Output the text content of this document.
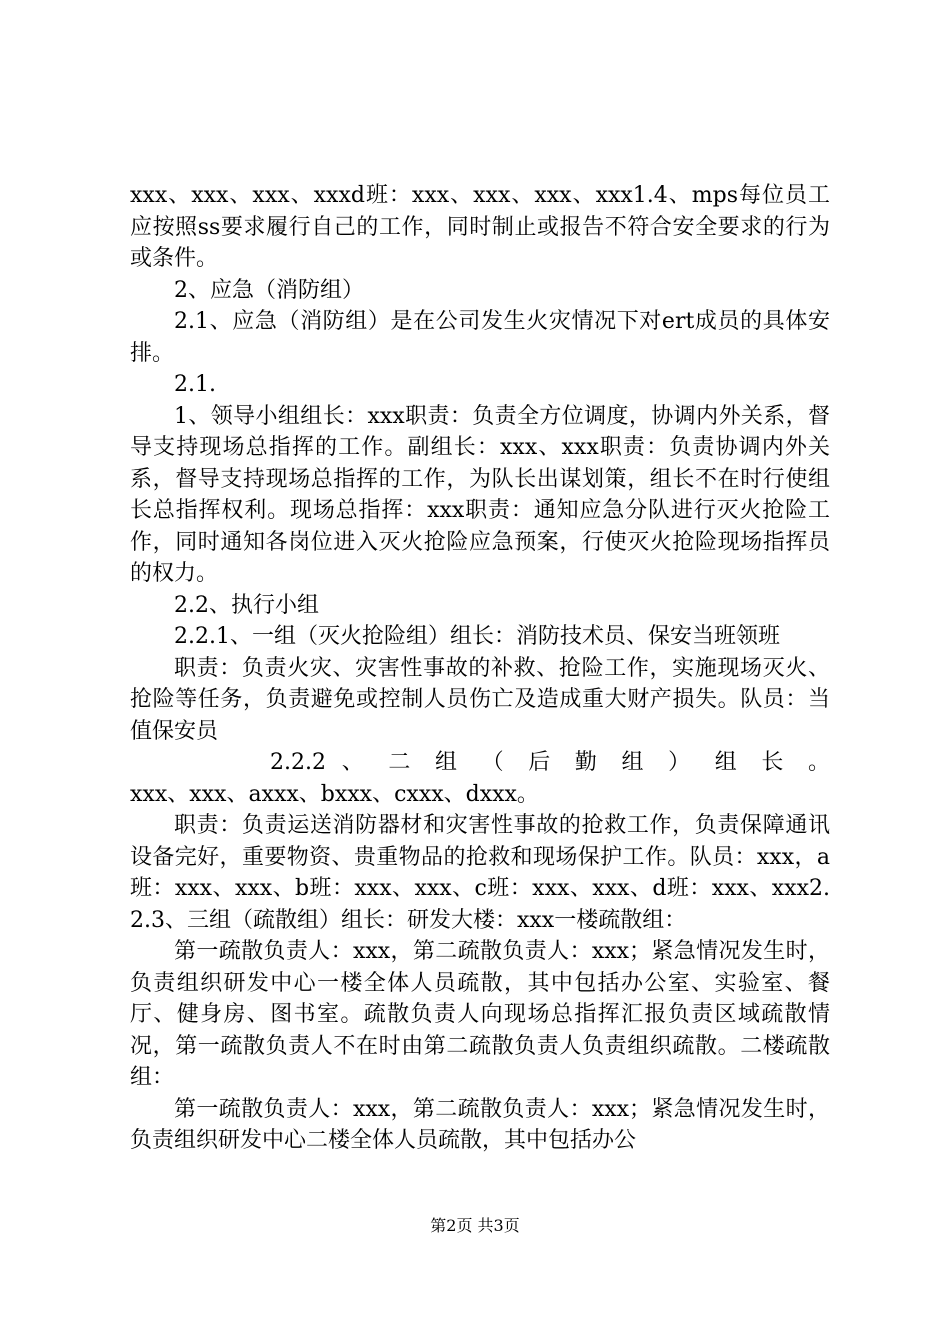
xxx、xxx、xxx、xxxd班：xxx、xxx、xxx、xxx1.4、mps每位员工应按照ss要求履行自己的工作，同时制止或报告不符合安全要求的行为或条件。

2、应急（消防组）

2.1、应急（消防组）是在公司发生火灾情况下对ert成员的具体安排。

2.1.

1、领导小组组长：xxx职责：负责全方位调度，协调内外关系，督导支持现场总指挥的工作。副组长：xxx、xxx职责：负责协调内外关系，督导支持现场总指挥的工作，为队长出谋划策，组长不在时行使组长总指挥权利。现场总指挥：xxx职责：通知应急分队进行灭火抢险工作，同时通知各岗位进入灭火抢险应急预案，行使灭火抢险现场指挥员的权力。

2.2、执行小组

2.2.1、一组（灭火抢险组）组长：消防技术员、保安当班领班

职责：负责火灾、灾害性事故的补救、抢险工作，实施现场灭火、抢险等任务，负责避免或控制人员伤亡及造成重大财产损失。队员：当值保安员

2.2.2 、 二 组 （ 后 勤 组 ） 组 长 。

xxx、xxx、axxx、bxxx、cxxx、dxxx。

职责：负责运送消防器材和灾害性事故的抢救工作，负责保障通讯设备完好，重要物资、贵重物品的抢救和现场保护工作。队员：xxx，a班：xxx、xxx、b班：xxx、xxx、c班：xxx、xxx、d班：xxx、xxx2.2.3、三组（疏散组）组长：研发大楼：xxx一楼疏散组：

第一疏散负责人：xxx，第二疏散负责人：xxx；紧急情况发生时，负责组织研发中心一楼全体人员疏散，其中包括办公室、实验室、餐厅、健身房、图书室。疏散负责人向现场总指挥汇报负责区域疏散情况，第一疏散负责人不在时由第二疏散负责人负责组织疏散。二楼疏散组：

第一疏散负责人：xxx，第二疏散负责人：xxx；紧急情况发生时，负责组织研发中心二楼全体人员疏散，其中包括办公

第2页 共3页
